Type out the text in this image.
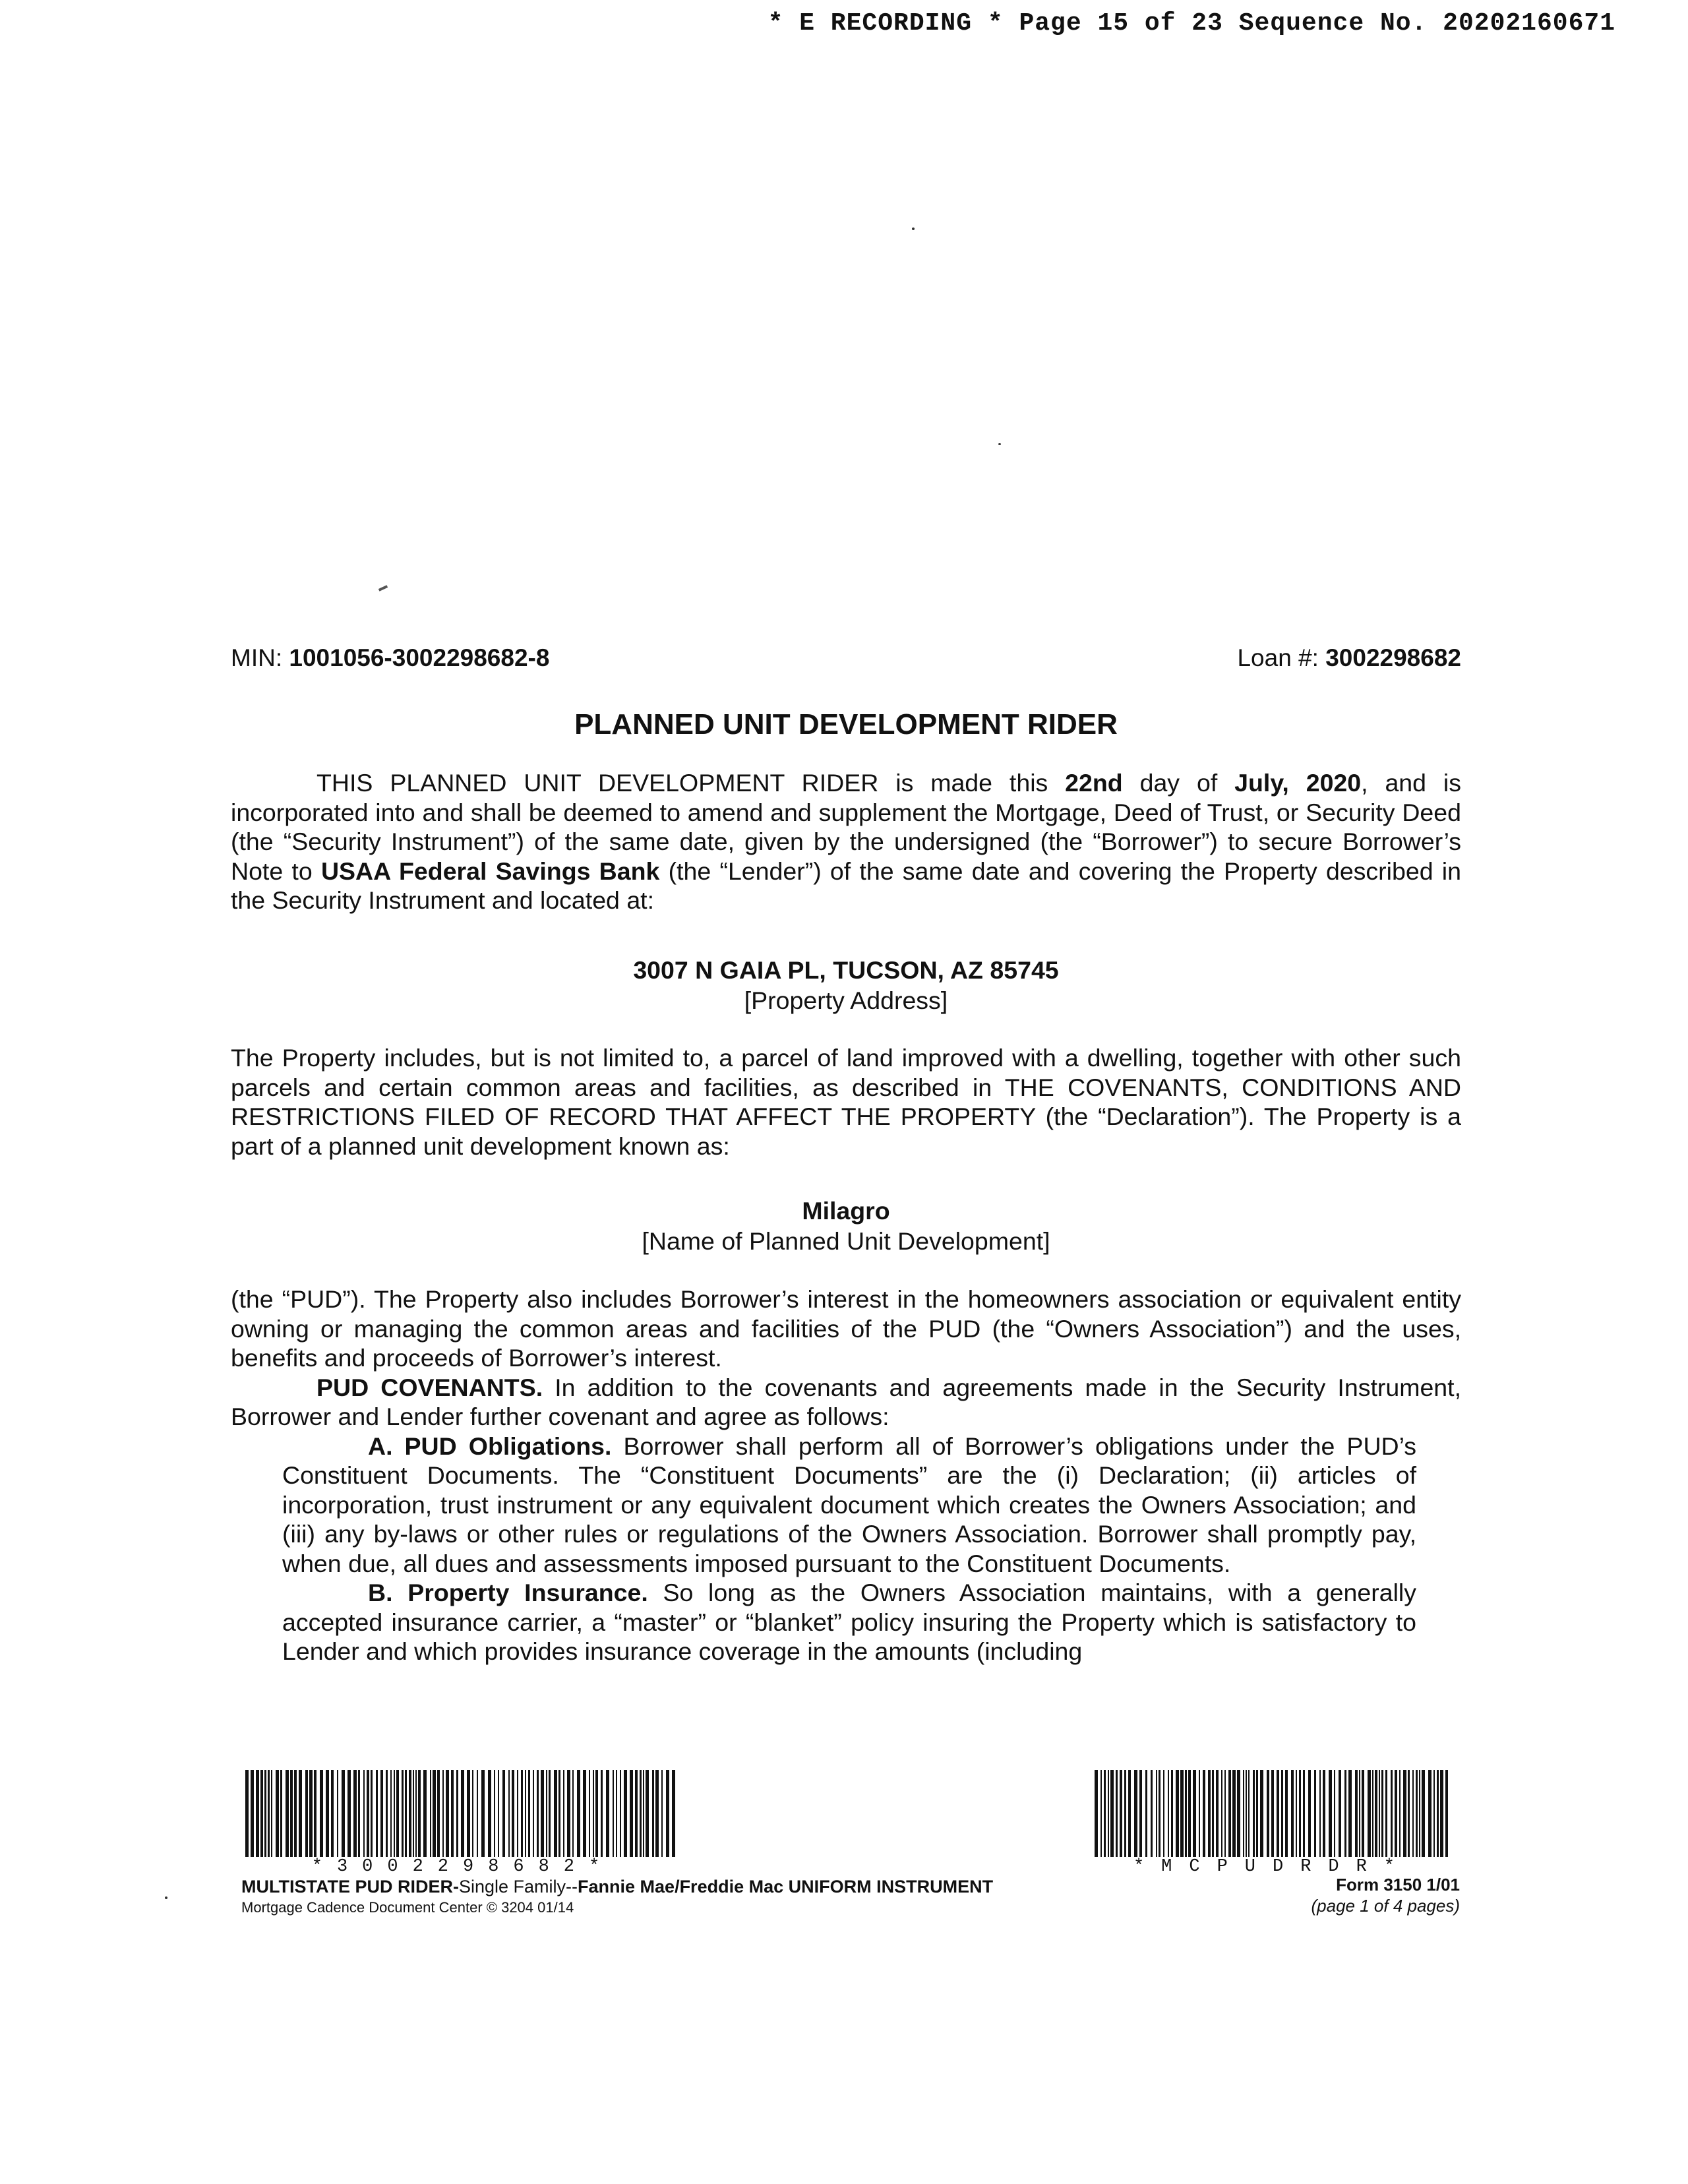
* E RECORDING * Page 15 of 23 Sequence No. 20202160671
MIN: 1001056-3002298682-8	Loan #: 3002298682
PLANNED UNIT DEVELOPMENT RIDER

THIS PLANNED UNIT DEVELOPMENT RIDER is made this 22nd day of July, 2020, and is incorporated into and shall be deemed to amend and supplement the Mortgage, Deed of Trust, or Security Deed (the “Security Instrument”) of the same date, given by the undersigned (the “Borrower”) to secure Borrower’s Note to USAA Federal Savings Bank (the “Lender”) of the same date and covering the Property described in the Security Instrument and located at:

3007 N GAIA PL, TUCSON, AZ 85745
[Property Address]

The Property includes, but is not limited to, a parcel of land improved with a dwelling, together with other such parcels and certain common areas and facilities, as described in THE COVENANTS, CONDITIONS AND RESTRICTIONS FILED OF RECORD THAT AFFECT THE PROPERTY (the “Declaration”). The Property is a part of a planned unit development known as:

Milagro
[Name of Planned Unit Development]

(the “PUD”). The Property also includes Borrower’s interest in the homeowners association or equivalent entity owning or managing the common areas and facilities of the PUD (the “Owners Association”) and the uses, benefits and proceeds of Borrower’s interest.

PUD COVENANTS. In addition to the covenants and agreements made in the Security Instrument, Borrower and Lender further covenant and agree as follows:

A. PUD Obligations. Borrower shall perform all of Borrower’s obligations under the PUD’s Constituent Documents. The “Constituent Documents” are the (i) Declaration; (ii) articles of incorporation, trust instrument or any equivalent document which creates the Owners Association; and (iii) any by-laws or other rules or regulations of the Owners Association. Borrower shall promptly pay, when due, all dues and assessments imposed pursuant to the Constituent Documents.

B. Property Insurance. So long as the Owners Association maintains, with a generally accepted insurance carrier, a “master” or “blanket” policy insuring the Property which is satisfactory to Lender and which provides insurance coverage in the amounts (including

*3002298682*	*MCPUDRDR*
MULTISTATE PUD RIDER-Single Family--Fannie Mae/Freddie Mac UNIFORM INSTRUMENT
Mortgage Cadence Document Center © 3204 01/14
Form 3150 1/01
(page 1 of 4 pages)
